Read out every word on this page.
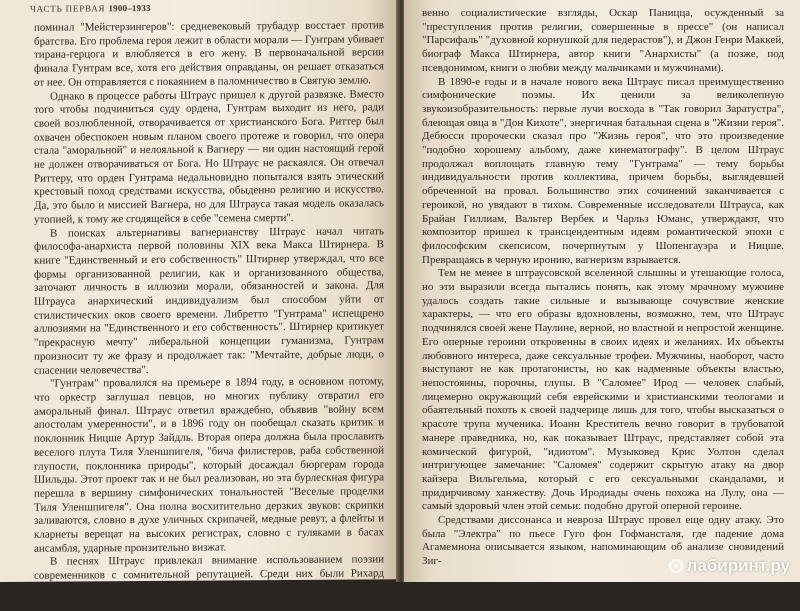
ЧАСТЬ ПЕРВАЯ 1900–1933

поминал "Мейстерзингеров": средневековый трубадур восстает против братства. Его проблема героя лежит в области морали — Гунтрам убивает тирана-герцога и влюбляется в его жену. В первоначальной версии финала Гунтрам все, хотя его действия оправданы, он решает отказаться от нее. Он отправляется с покаянием в паломничество в Святую землю.

Однако в процессе работы Штраус пришел к другой развязке. Вместо того чтобы подчиниться суду ордена, Гунтрам выходит из него, ради своей возлюбленной, отворачивается от христианского Бога. Риттер был охвачен обеспокоен новым планом своего протеже и говорил, что опера стала "аморальной" и нелояльной к Вагнеру — ни один настоящий герой не должен отворачиваться от Бога. Но Штраус не раскаялся. Он отвечал Риттеру, что орден Гунтрама недальновидно попытался взять этический крестовый поход средствами искусства, обыденно религию и искусство. Да, это было и миссией Вагнера, но для Штрауса такая модель оказалась утопией, к тому же сгодящейся в себе "семена смерти".

В поисках альтернативы вагнерианству Штраус начал читать философа-анархиста первой половины XIX века Макса Штирнера. В книге "Единственный и его собственность" Штирнер утверждал, что все формы организованной религии, как и организованного общества, заточают личность в иллюзии морали, обязанностей и закона. Для Штрауса анархический индивидуализм был способом уйти от стилистических оков своего времени. Либретто "Гунтрама" испещрено аллюзиями на "Единственного и его собственность". Штирнер критикует "прекрасную мечту" либеральной концепции гуманизма, Гунтрам произносит ту же фразу и продолжает так: "Мечтайте, добрые люди, о спасении человечества".

"Гунтрам" провалился на премьере в 1894 году, в основном потому, что оркестр заглушал певцов, но многих публику отвратил его аморальный финал. Штраус ответил враждебно, объявив "войну всем апостолам умеренности", и в 1896 году он пообещал сказать критик и поклонник Ницше Артур Зайдль. Вторая опера должна была прославить веселого плута Тиля Уленшпигеля, "бича филистеров, раба собственной глупости, поклонника природы", который досаждал бюргерам города Шильды. Этот проект так и не был реализован, но эта бурлескная фигура перешла в вершину симфонических тональностей "Веселые проделки Тиля Уленшпигеля". Она полна восхитительно дерзких звуков: скрипки заливаются, словно в духе уличных скрипачей, медные ревут, а флейты и кларнеты верещат на высоких регистрах, словно с гуляками в басах ансамбля, ударные пронзительно визжат.

В песнях Штраус привлекал внимание использованием поэзии современников с сомнительной репутацией. Среди них были Рихард Демель, защитник свободной любви, Карл Хенкель, запрещенный в Германии за откро-

венно социалистические взгляды, Оскар Паницца, осужденный за "преступления против религии, совершенные в прессе" (он написал "Парсифаль" "духовной корнушкой для педерастов"), и Джон Генри Маккей, биограф Макса Штирнера, автор книги "Анархисты" (а позже, под псевдонимом, книги о любви между мальчиками и мужчинами).

В 1890-е годы и в начале нового века Штраус писал преимущественно симфонические поэмы. Их ценили за великолепную звукоизобразительность: первые лучи восхода в "Так говорил Заратустра", блеющая овца в "Дон Кихоте", энергичная батальная сцена в "Жизни героя". Дебюсси пророчески сказал про "Жизнь героя", что это произведение "подобно хорошему альбому, даже кинематографу". В целом Штраус продолжал воплощать главную тему "Гунтрама" — тему борьбы индивидуальности против коллектива, причем борьбы, выглядевшей обреченной на провал. Большинство этих сочинений заканчивается с героикой, но увядают в тихом. Современные исследователи Штрауса, как Брайан Гиллиам, Вальтер Вербек и Чарльз Юманс, утверждают, что композитор пришел к трансцендентным идеям романтической эпохи с философским скепсисом, почерпнутым у Шопенгауэра и Ницше. Превращаясь в черную иронию, вагнеризм взрывается.

Тем не менее в штраусовской вселенной слышны и утешающие голоса, но эти выразили всегда пытались понять, как этому мрачному мужчине удалось создать такие сильные и вызывающе сочувствие женские характеры, — что его образы вдохновлены, возможно, тем, что Штраус подчинялся своей жене Паулине, верной, но властной и непростой женщине. Его оперные героини откровенны в своих идеях и желаниях. Их объекты любовного интереса, даже сексуальные трофеи. Мужчины, наоборот, часто выступают не как протагонисты, но как надменные объекты властью, непостоянны, порочны, глупы. В "Саломее" Ирод — человек слабый, лицемерно окружающий себя еврейскими и христианскими теологами и обаятельный похоть к своей падчерице лишь для того, чтобы высказаться о красоте трупа мученика. Иоанн Креститель вечно говорит в трубоватой манере праведника, но, как показывает Штраус, представляет собой эта комической фигурой, "идиотом". Музыковед Крис Уолтон сделал интригующее замечание: "Саломея" содержит скрытую атаку на двор кайзера Вильгельма, который с его сексуальными скандалами, и придирчивому ханжеству. Дочь Иродиады очень похожа на Лулу, она — самый здоровый член этой семьи: подобно другой оперной героине.

Средствами диссонанса и невроза Штраус провел еще одну атаку. Это была "Электра" по пьесе Гуго фон Гофмансталя, где падение дома Агамемнона описывается языком, напоминающим об анализе сновидений Зиг-	лабиринт.ру
